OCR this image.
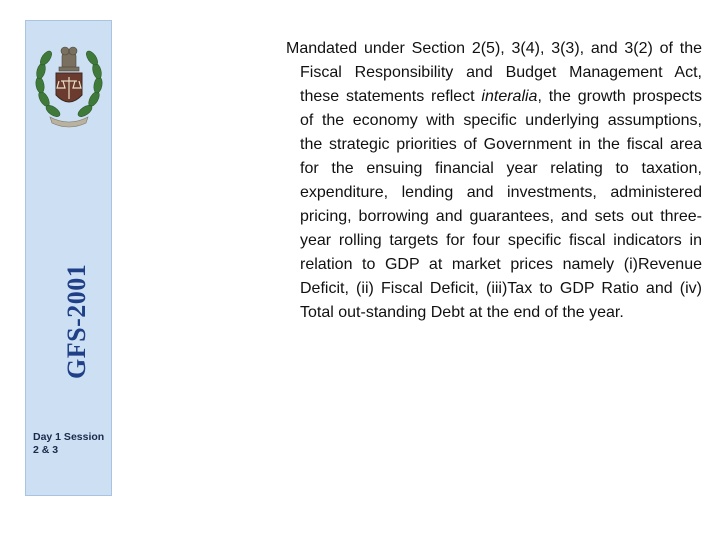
GFS-2001
Day 1 Session 2 & 3

Mandated under Section 2(5), 3(4), 3(3), and 3(2) of the Fiscal Responsibility and Budget Management Act, these statements reflect interalia, the growth prospects of the economy with specific underlying assumptions, the strategic priorities of Government in the fiscal area for the ensuing financial year relating to taxation, expenditure, lending and investments, administered pricing, borrowing and guarantees, and sets out three-year rolling targets for four specific fiscal indicators in relation to GDP at market prices namely (i)Revenue Deficit, (ii) Fiscal Deficit, (iii)Tax to GDP Ratio and (iv) Total out-standing Debt at the end of the year.
